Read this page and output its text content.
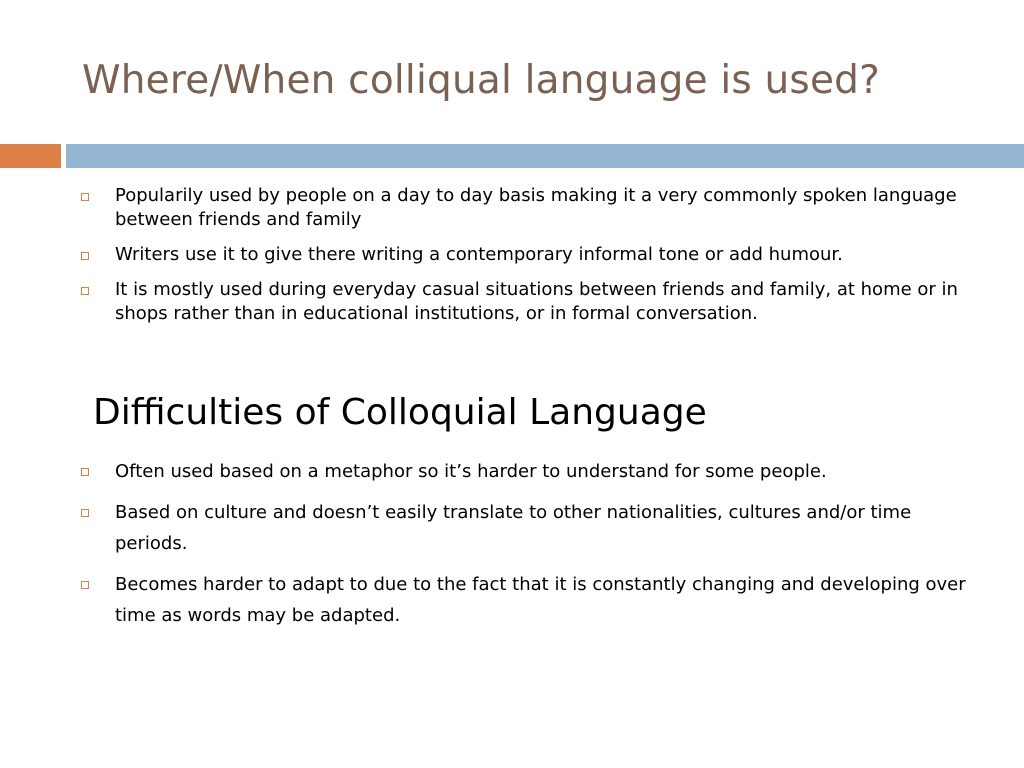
Where/When colliqual language is used?
Popularily used by people on a day to day basis making it a very commonly spoken language between friends and family
Writers use it to give there writing a contemporary informal tone or add humour.
It is mostly used during everyday casual situations between friends and family, at home or in shops rather than in educational institutions, or in formal conversation.
Difficulties of Colloquial Language
Often used based on a metaphor so it’s harder to understand for some people.
Based on culture and doesn’t easily translate to other nationalities, cultures and/or time periods.
Becomes harder to adapt to due to the fact that it is constantly changing and developing over time as words may be adapted.
